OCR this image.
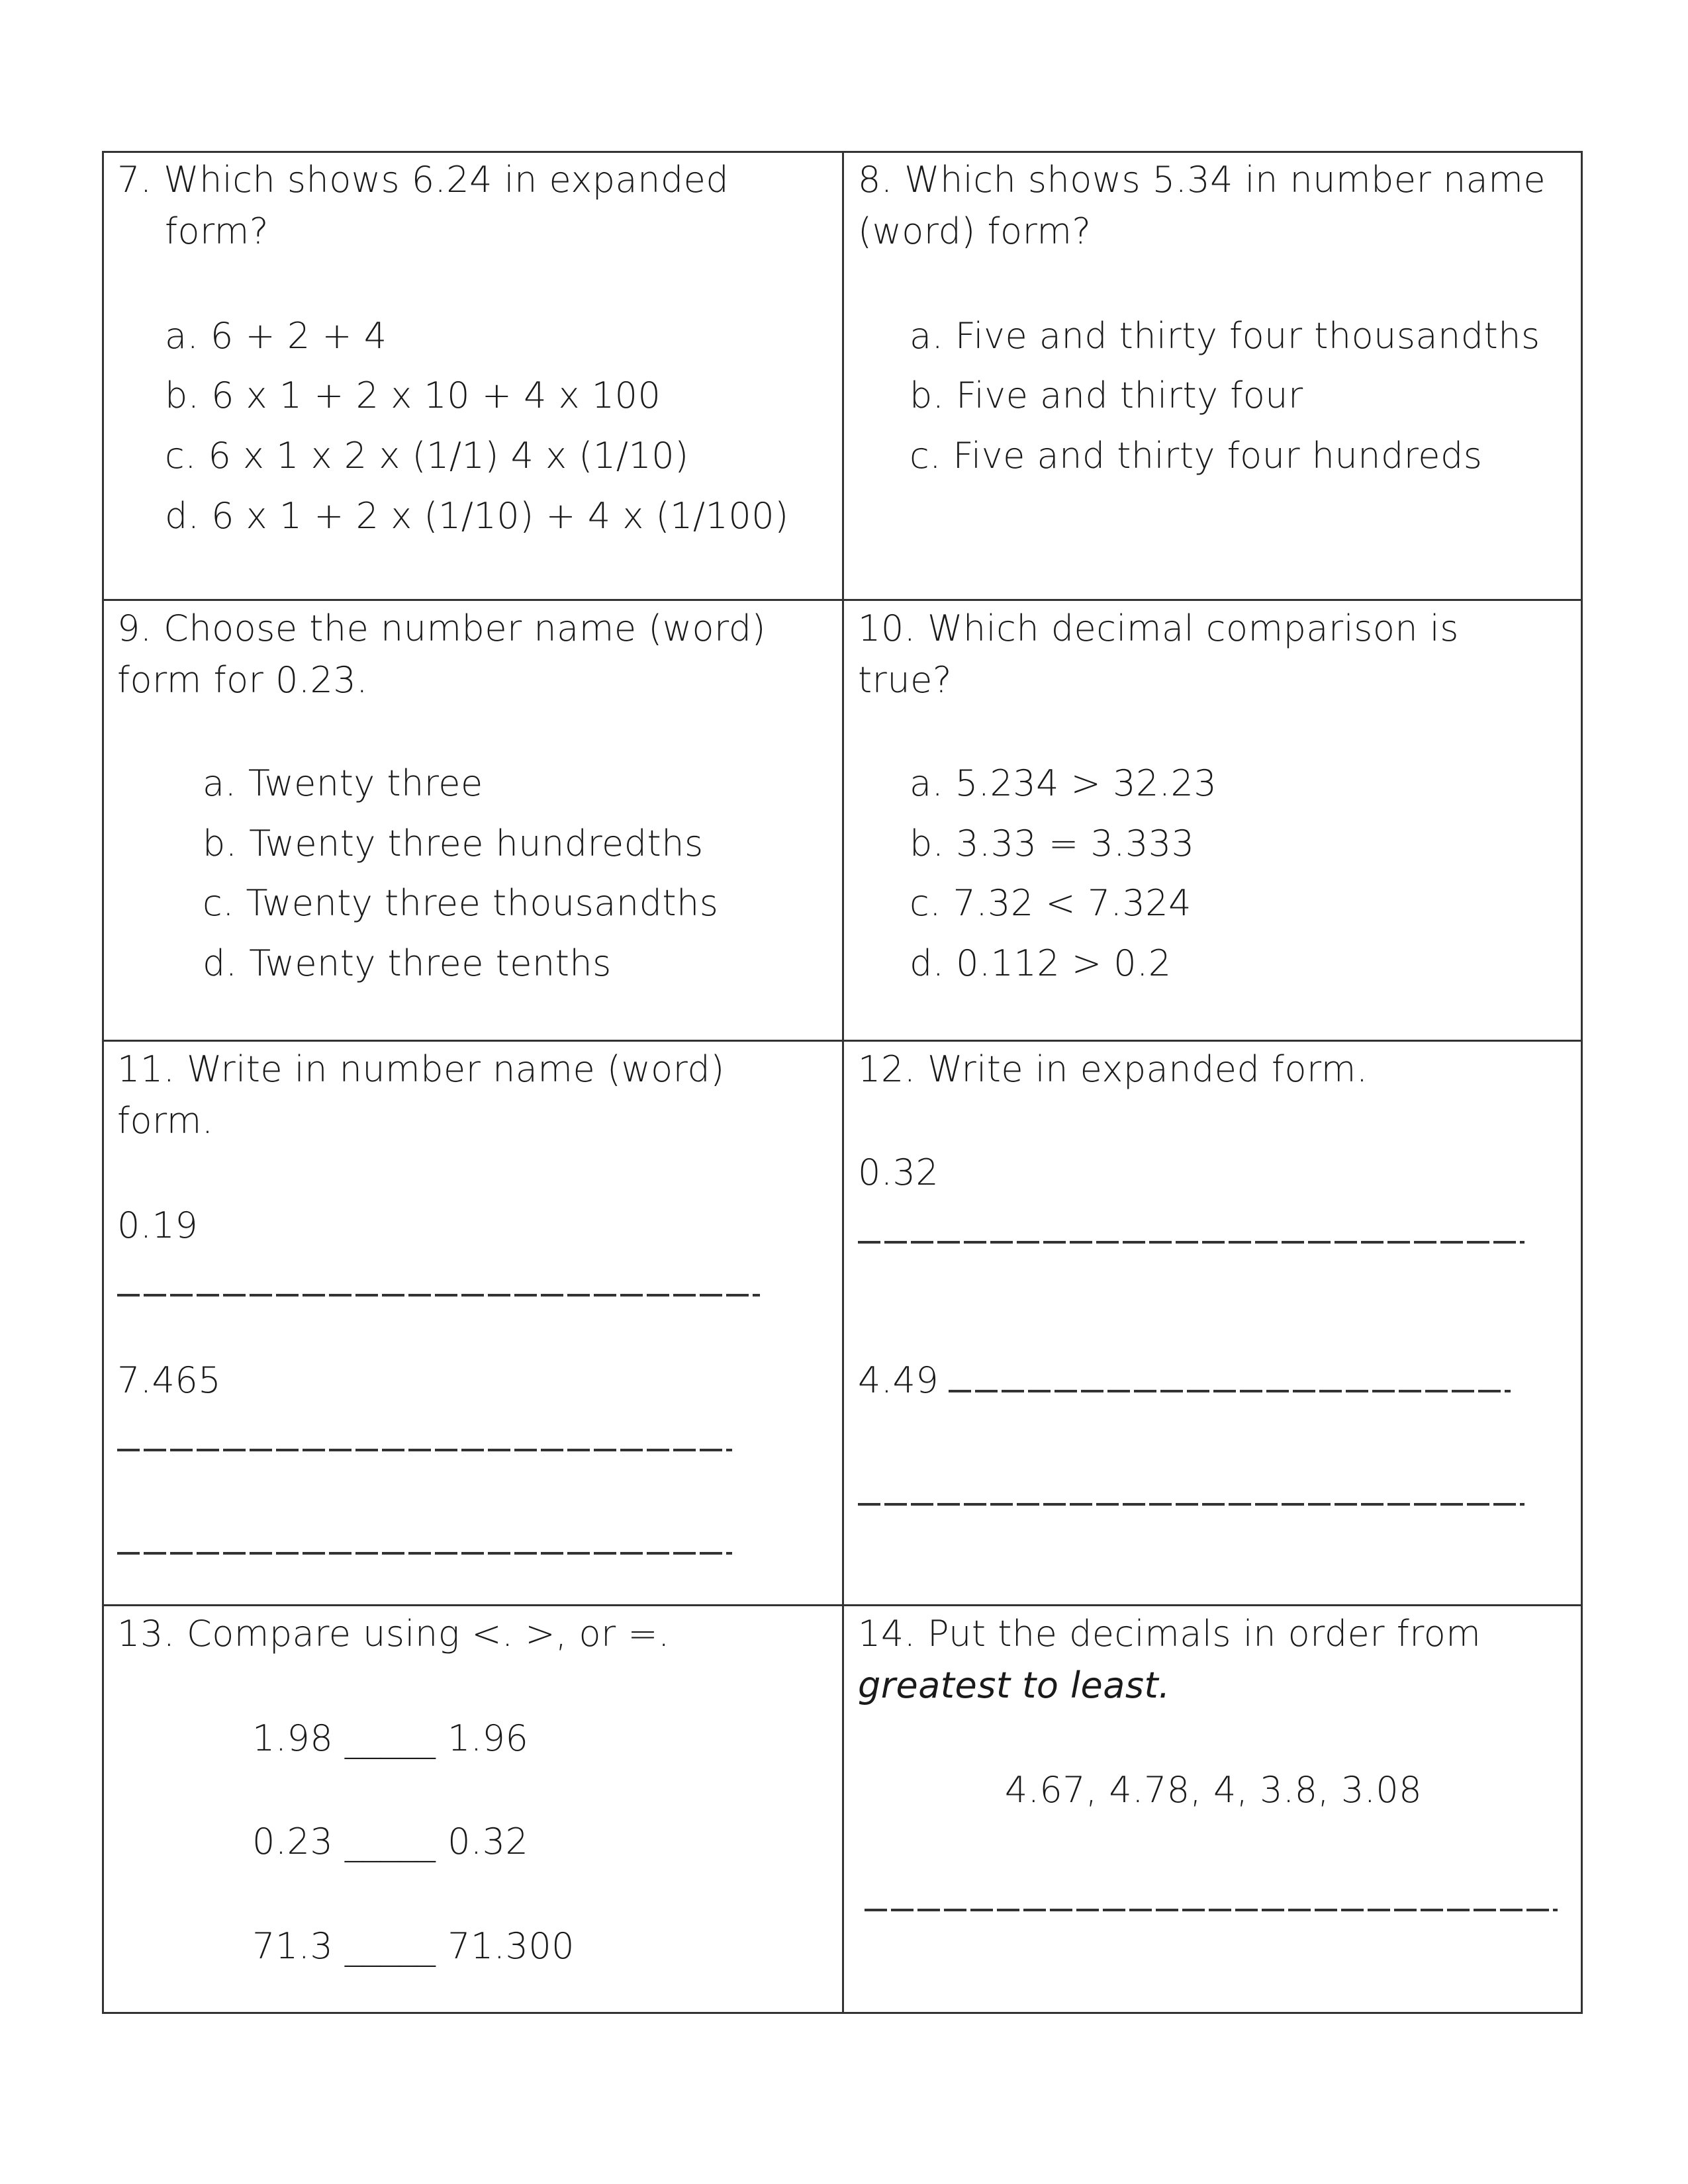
7. Which shows 6.24 in expanded
form?
a. 6 + 2 + 4
b. 6 x 1 + 2 x 10 + 4 x 100
c. 6 x 1 x 2 x (1/1) 4 x (1/10)
d. 6 x 1 + 2 x (1/10) + 4 x (1/100)
8. Which shows 5.34 in number name
(word) form?
a. Five and thirty four thousandths
b. Five and thirty four
c. Five and thirty four hundreds
9. Choose the number name (word)
form for 0.23.
a. Twenty three
b. Twenty three hundredths
c. Twenty three thousandths
d. Twenty three tenths
10. Which decimal comparison is
true?
a. 5.234 > 32.23
b. 3.33 = 3.333
c. 7.32 < 7.324
d. 0.112 > 0.2
11. Write in number name (word)
form.
0.19
7.465
12. Write in expanded form.
0.32
4.49
13. Compare using <. >, or =.
1.98 _____ 1.96
0.23 _____ 0.32
71.3 _____ 71.300
14. Put the decimals in order from
greatest to least.
4.67, 4.78, 4, 3.8, 3.08
